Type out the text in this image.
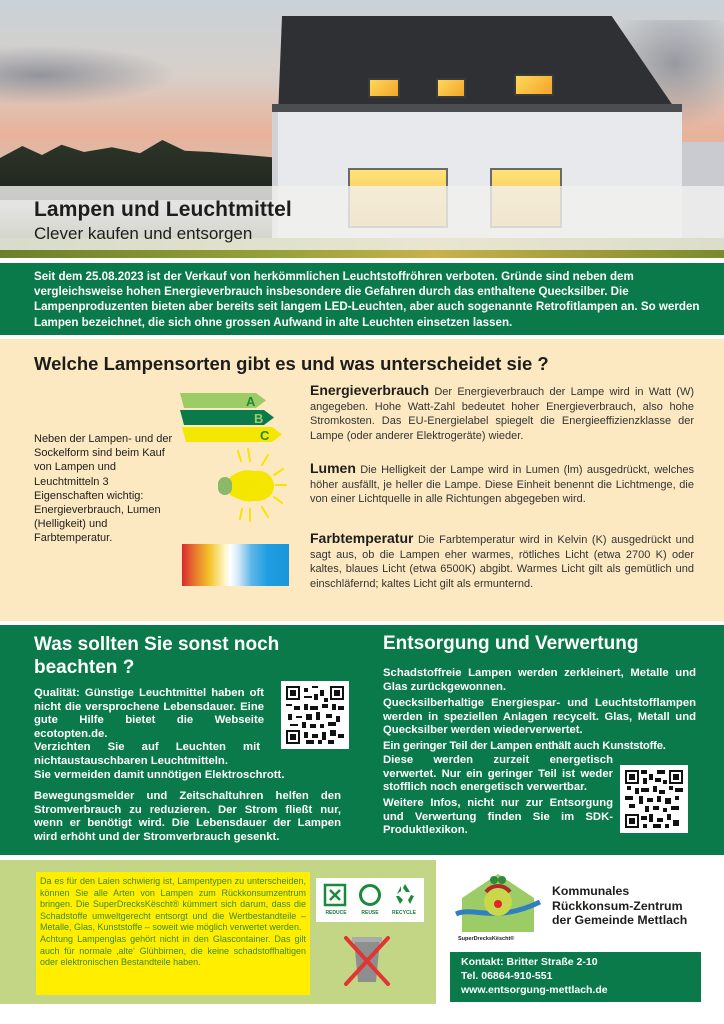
Lampen und Leuchtmittel
Clever kaufen und entsorgen
Seit dem 25.08.2023 ist der Verkauf von herkömmlichen Leuchtstoffröhren verboten. Gründe sind neben dem vergleichsweise hohen Energieverbrauch insbesondere die Gefahren durch das enthaltene Quecksilber. Die Lampenproduzenten bieten aber bereits seit langem LED-Leuchten, aber auch sogenannte Retrofitlampen an. So werden Lampen bezeichnet, die sich ohne grossen Aufwand in alte Leuchten einsetzen lassen.
Welche Lampensorten gibt es und was unterscheidet sie ?
Neben der Lampen- und der Sockelform sind beim Kauf von Lampen und Leuchtmitteln 3 Eigenschaften wichtig: Energieverbrauch, Lumen (Helligkeit) und Farbtemperatur.
A
B
C
Energieverbrauch Der Energieverbrauch der Lampe wird in Watt (W) angegeben. Hohe Watt-Zahl bedeutet hoher Energieverbrauch, also hohe Stromkosten. Das EU-Energielabel spiegelt die Energieeffizienzklasse der Lampe (oder anderer Elektrogeräte) wieder.
Lumen Die Helligkeit der Lampe wird in Lumen (lm) ausgedrückt, welches höher ausfällt, je heller die Lampe. Diese Einheit benennt die Lichtmenge, die von einer Lichtquelle in alle Richtungen abgegeben wird.
Farbtemperatur Die Farbtemperatur wird in Kelvin (K) ausgedrückt und sagt aus, ob die Lampen eher warmes, rötliches Licht (etwa 2700 K) oder kaltes, blaues Licht (etwa 6500K) abgibt. Warmes Licht gilt als gemütlich und einschläfernd; kaltes Licht gilt als ermunternd.
Was sollten Sie sonst noch beachten ?

Qualität: Günstige Leuchtmittel haben oft nicht die versprochene Lebensdauer. Eine gute Hilfe bietet die Webseite ecotopten.de.

Verzichten Sie auf Leuchten mit nichtaustauschbaren Leuchtmitteln.

Sie vermeiden damit unnötigen Elektroschrott.

Bewegungsmelder und Zeitschaltuhren helfen den Stromverbrauch zu reduzieren. Der Strom fließt nur, wenn er benötigt wird. Die Lebensdauer der Lampen wird erhöht und der Stromverbrauch gesenkt.

Entsorgung und Verwertung

Schadstoffreie Lampen werden zerkleinert, Metalle und Glas zurückgewonnen.

Quecksilberhaltige Energiespar- und Leuchtstofflampen werden in speziellen Anlagen recycelt. Glas, Metall und Quecksilber werden wiederverwertet.

Ein geringer Teil der Lampen enthält auch Kunststoffe.

Diese werden zurzeit energetisch verwertet. Nur ein geringer Teil ist weder stofflich noch energetisch verwertbar.

Weitere Infos, nicht nur zur Entsorgung und Verwertung finden Sie im SDK-Produktlexikon.

Da es für den Laien schwierig ist, Lampentypen zu unterscheiden, können Sie alle Arten von Lampen zum Rückkonsumzentrum bringen. Die SuperDrecksKëscht® kümmert sich darum, dass die Schadstoffe umweltgerecht entsorgt und die Wertbestandteile – Metalle, Glas, Kunststoffe – soweit wie möglich verwertet werden.
Achtung Lampenglas gehört nicht in den Glascontainer. Das gilt auch für normale ‚alte‘ Glühbirnen, die keine schadstoffhaltigen oder elektronischen Bestandteile haben.
REDUCE	REUSE	RECYCLE
SuperDrecksKëscht®
Kommunales
Rückkonsum-Zentrum
der Gemeinde Mettlach
Kontakt: Britter Straße 2-10
Tel. 06864-910-551
www.entsorgung-mettlach.de
